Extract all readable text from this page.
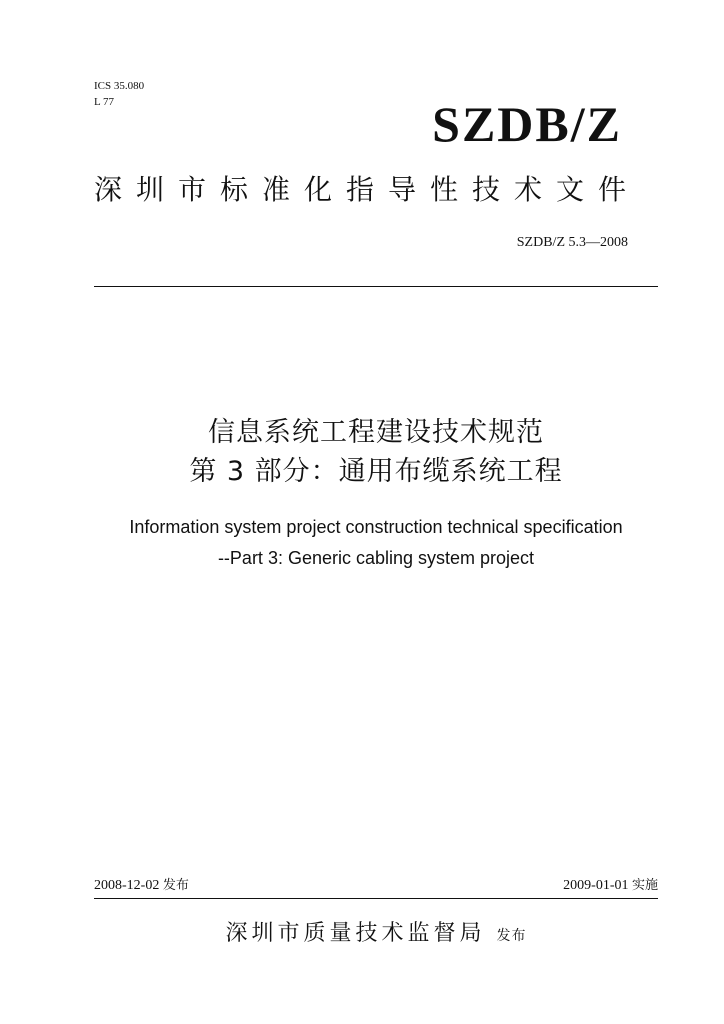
ICS 35.080
L 77	SZDB/Z
深圳市标准化指导性技术文件
SZDB/Z 5.3—2008
信息系统工程建设技术规范
第 3 部分：通用布缆系统工程
Information system project construction technical specification
--Part 3: Generic cabling system project
2008-12-02 发布	2009-01-01 实施
深圳市质量技术监督局 发布
